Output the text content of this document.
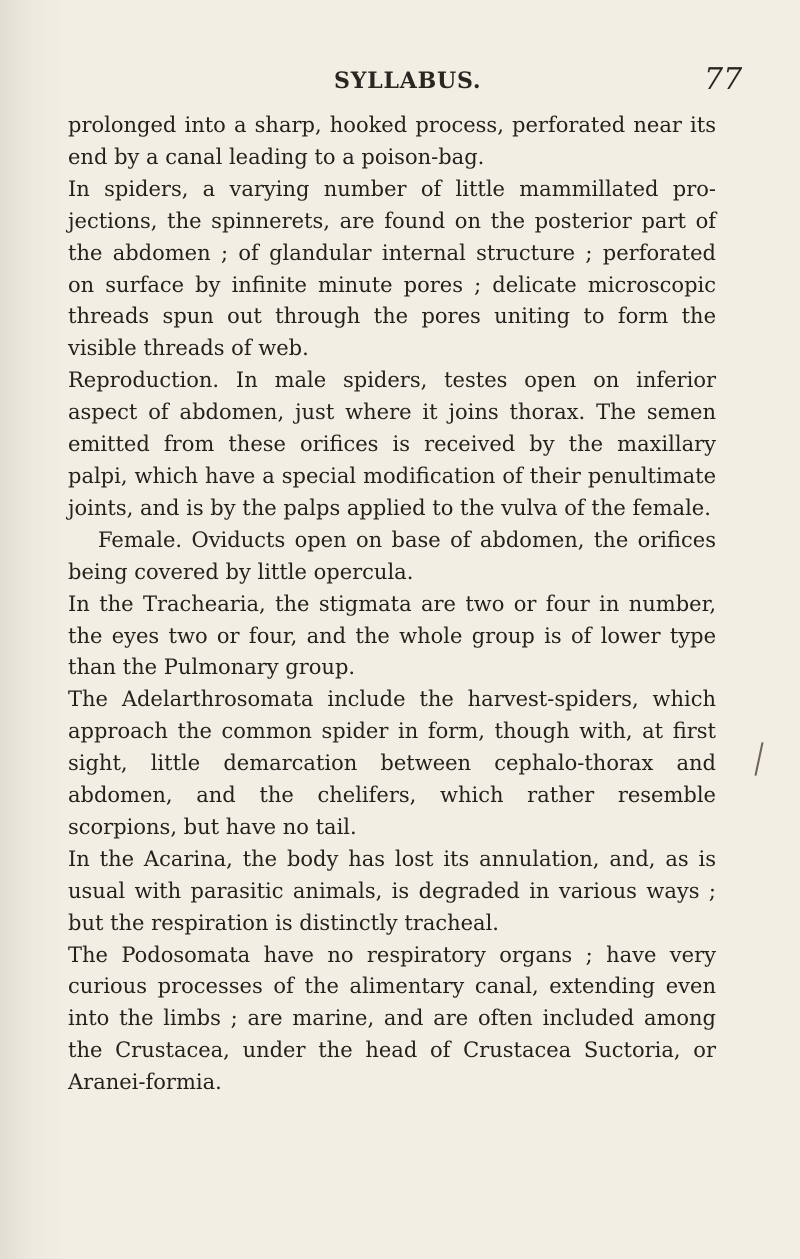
SYLLABUS.	77

prolonged into a sharp, hooked process, perforated near its end by a canal leading to a poison-bag.

In spiders, a varying number of little mammillated pro-jections, the spinnerets, are found on the posterior part of the abdomen ; of glandular internal structure ; perforated on surface by infinite minute pores ; delicate microscopic threads spun out through the pores uniting to form the visible threads of web.

Reproduction. In male spiders, testes open on inferior aspect of abdomen, just where it joins thorax. The semen emitted from these orifices is received by the maxillary palpi, which have a special modification of their penultimate joints, and is by the palps applied to the vulva of the female.

Female. Oviducts open on base of abdomen, the orifices being covered by little opercula.

In the Trachearia, the stigmata are two or four in number, the eyes two or four, and the whole group is of lower type than the Pulmonary group.

The Adelarthrosomata include the harvest-spiders, which approach the common spider in form, though with, at first sight, little demarcation between cephalo-thorax and abdomen, and the chelifers, which rather resemble scorpions, but have no tail.

In the Acarina, the body has lost its annulation, and, as is usual with parasitic animals, is degraded in various ways ; but the respiration is distinctly tracheal.

The Podosomata have no respiratory organs ; have very curious processes of the alimentary canal, extending even into the limbs ; are marine, and are often included among the Crustacea, under the head of Crustacea Suctoria, or Aranei-formia.
